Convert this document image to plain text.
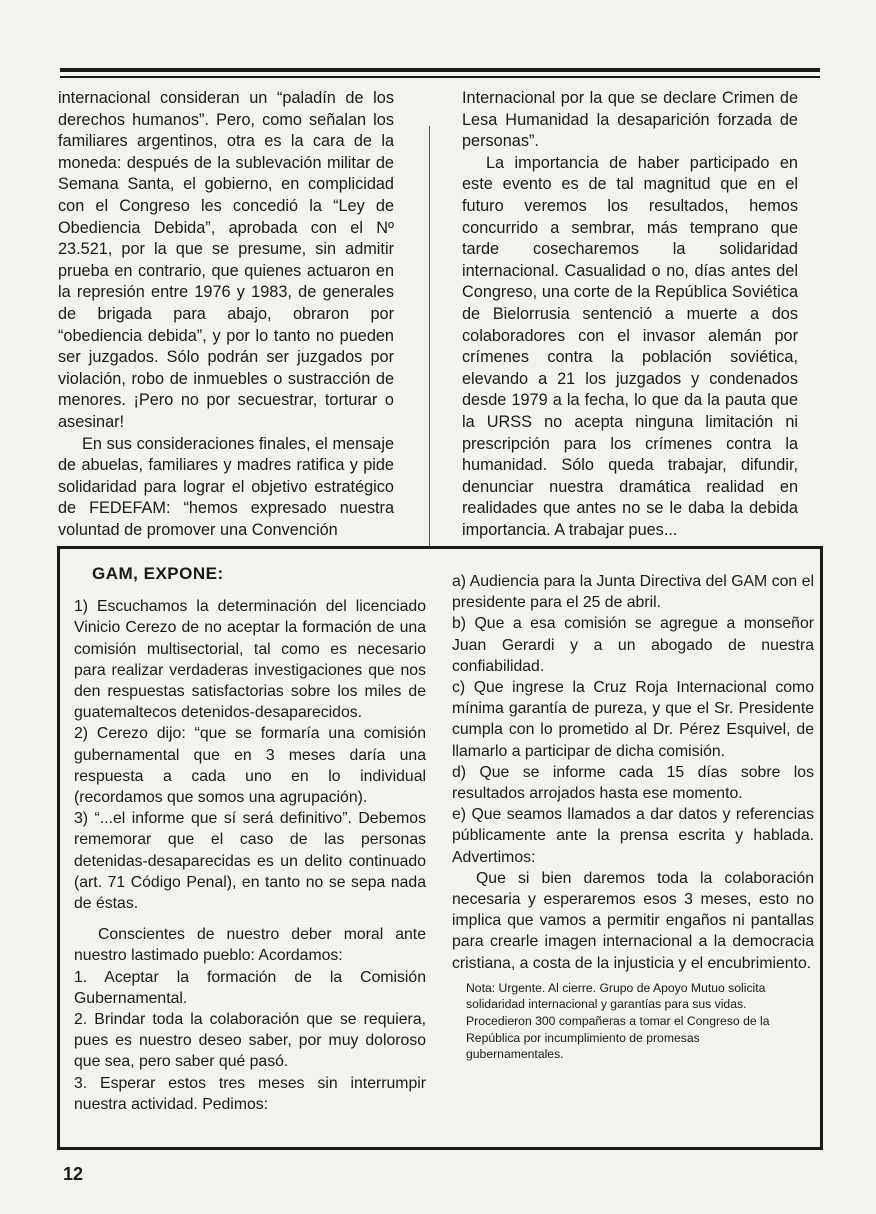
internacional consideran un “paladín de los derechos humanos”. Pero, como señalan los familiares argentinos, otra es la cara de la moneda: después de la sublevación militar de Semana Santa, el gobierno, en complicidad con el Congreso les concedió la “Ley de Obediencia Debida”, aprobada con el Nº 23.521, por la que se presume, sin admitir prueba en contrario, que quienes actuaron en la represión entre 1976 y 1983, de generales de brigada para abajo, obraron por “obediencia debida”, y por lo tanto no pueden ser juzgados. Sólo podrán ser juzgados por violación, robo de inmuebles o sustracción de menores. ¡Pero no por secuestrar, torturar o asesinar!

En sus consideraciones finales, el mensaje de abuelas, familiares y madres ratifica y pide solidaridad para lograr el objetivo estratégico de FEDEFAM: “hemos expresado nuestra voluntad de promover una Convención

Internacional por la que se declare Crimen de Lesa Humanidad la desaparición forzada de personas”.

La importancia de haber participado en este evento es de tal magnitud que en el futuro veremos los resultados, hemos concurrido a sembrar, más temprano que tarde cosecharemos la solidaridad internacional. Casualidad o no, días antes del Congreso, una corte de la República Soviética de Bielorrusia sentenció a muerte a dos colaboradores con el invasor alemán por crímenes contra la población soviética, elevando a 21 los juzgados y condenados desde 1979 a la fecha, lo que da la pauta que la URSS no acepta ninguna limitación ni prescripción para los crímenes contra la humanidad. Sólo queda trabajar, difundir, denunciar nuestra dramática realidad en realidades que antes no se le daba la debida importancia. A trabajar pues...

GAM, EXPONE:

1) Escuchamos la determinación del licenciado Vinicio Cerezo de no aceptar la formación de una comisión multisectorial, tal como es necesario para realizar verdaderas investigaciones que nos den respuestas satisfactorias sobre los miles de guatemaltecos detenidos-desaparecidos.

2) Cerezo dijo: “que se formaría una comisión gubernamental que en 3 meses daría una respuesta a cada uno en lo individual (recordamos que somos una agrupación).

3) “...el informe que sí será definitivo”. Debemos rememorar que el caso de las personas detenidas-desaparecidas es un delito continuado (art. 71 Código Penal), en tanto no se sepa nada de éstas.

Conscientes de nuestro deber moral ante nuestro lastimado pueblo: Acordamos:

1. Aceptar la formación de la Comisión Gubernamental.

2. Brindar toda la colaboración que se requiera, pues es nuestro deseo saber, por muy doloroso que sea, pero saber qué pasó.

3. Esperar estos tres meses sin interrumpir nuestra actividad. Pedimos:

a) Audiencia para la Junta Directiva del GAM con el presidente para el 25 de abril.

b) Que a esa comisión se agregue a monseñor Juan Gerardi y a un abogado de nuestra confiabilidad.

c) Que ingrese la Cruz Roja Internacional como mínima garantía de pureza, y que el Sr. Presidente cumpla con lo prometido al Dr. Pérez Esquivel, de llamarlo a participar de dicha comisión.

d) Que se informe cada 15 días sobre los resultados arrojados hasta ese momento.

e) Que seamos llamados a dar datos y referencias públicamente ante la prensa escrita y hablada. Advertimos:

Que si bien daremos toda la colaboración necesaria y esperaremos esos 3 meses, esto no implica que vamos a permitir engaños ni pantallas para crearle imagen internacional a la democracia cristiana, a costa de la injusticia y el encubrimiento.

Nota: Urgente. Al cierre. Grupo de Apoyo Mutuo solicita solidaridad internacional y garantías para sus vidas. Procedieron 300 compañeras a tomar el Congreso de la República por incumplimiento de promesas gubernamentales.

12
